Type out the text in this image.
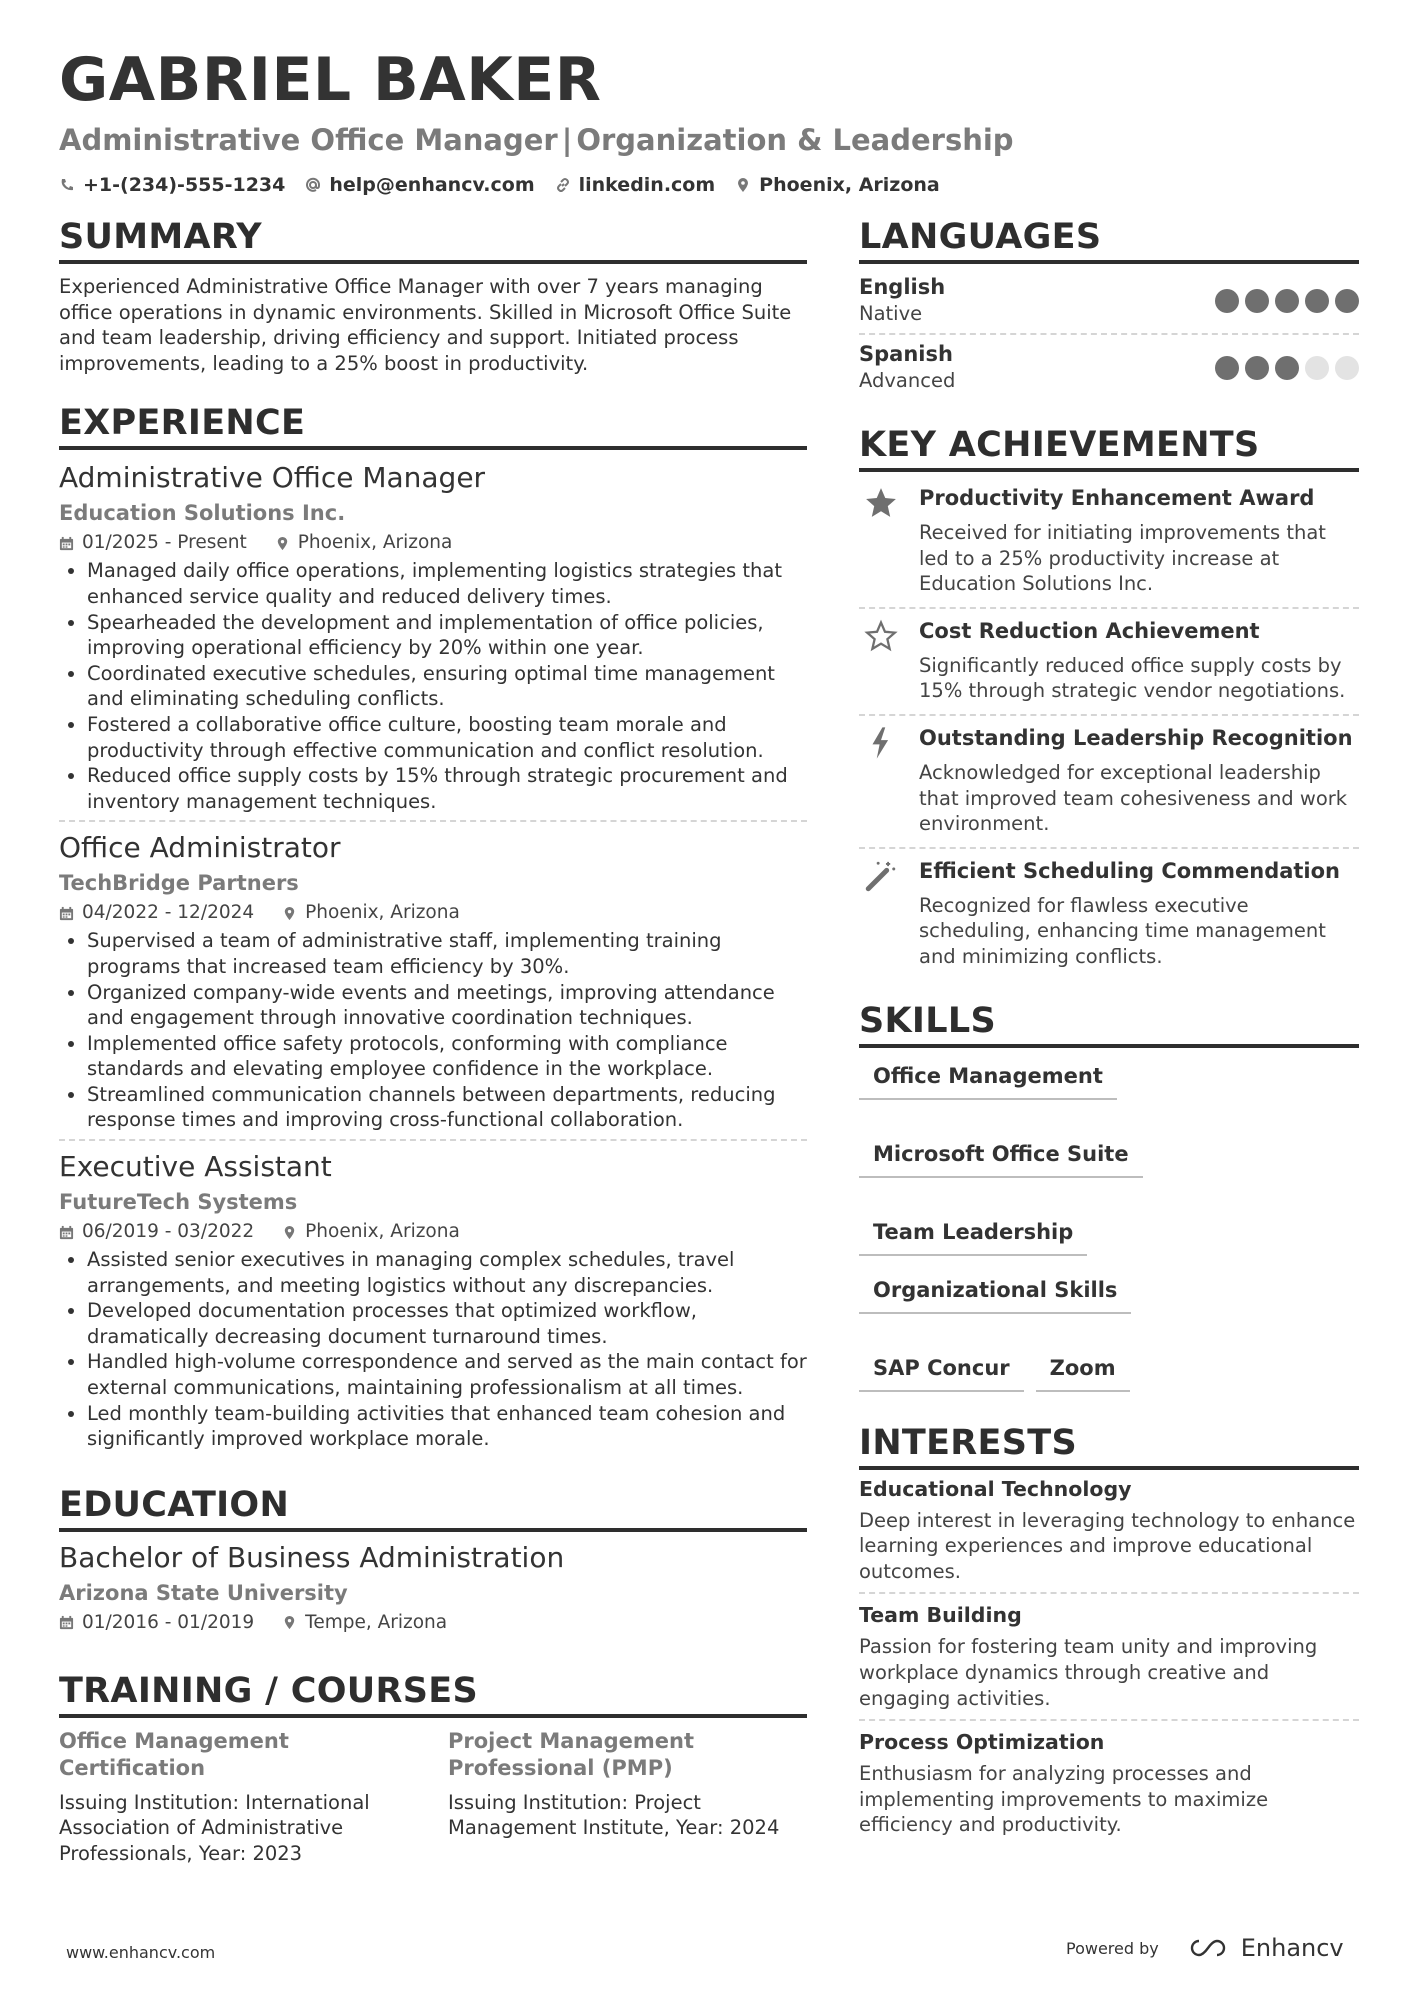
GABRIEL BAKER
Administrative Office Manager | Organization & Leadership
+1-(234)-555-1234 help@enhancv.com linkedin.com Phoenix, Arizona
SUMMARY
Experienced Administrative Office Manager with over 7 years managing office operations in dynamic environments. Skilled in Microsoft Office Suite and team leadership, driving efficiency and support. Initiated process improvements, leading to a 25% boost in productivity.
EXPERIENCE
Administrative Office Manager
Education Solutions Inc.
01/2025 - Present	Phoenix, Arizona
• Managed daily office operations, implementing logistics strategies that enhanced service quality and reduced delivery times.
• Spearheaded the development and implementation of office policies, improving operational efficiency by 20% within one year.
• Coordinated executive schedules, ensuring optimal time management and eliminating scheduling conflicts.
• Fostered a collaborative office culture, boosting team morale and productivity through effective communication and conflict resolution.
• Reduced office supply costs by 15% through strategic procurement and inventory management techniques.
Office Administrator
TechBridge Partners
04/2022 - 12/2024	Phoenix, Arizona
• Supervised a team of administrative staff, implementing training programs that increased team efficiency by 30%.
• Organized company-wide events and meetings, improving attendance and engagement through innovative coordination techniques.
• Implemented office safety protocols, conforming with compliance standards and elevating employee confidence in the workplace.
• Streamlined communication channels between departments, reducing response times and improving cross-functional collaboration.
Executive Assistant
FutureTech Systems
06/2019 - 03/2022	Phoenix, Arizona
• Assisted senior executives in managing complex schedules, travel arrangements, and meeting logistics without any discrepancies.
• Developed documentation processes that optimized workflow, dramatically decreasing document turnaround times.
• Handled high-volume correspondence and served as the main contact for external communications, maintaining professionalism at all times.
• Led monthly team-building activities that enhanced team cohesion and significantly improved workplace morale.
EDUCATION
Bachelor of Business Administration
Arizona State University
01/2016 - 01/2019	Tempe, Arizona
TRAINING / COURSES
Office Management Certification
Issuing Institution: International Association of Administrative Professionals, Year: 2023
Project Management Professional (PMP)
Issuing Institution: Project Management Institute, Year: 2024
LANGUAGES
English
Native
Spanish
Advanced
KEY ACHIEVEMENTS
Productivity Enhancement Award
Received for initiating improvements that led to a 25% productivity increase at Education Solutions Inc.
Cost Reduction Achievement
Significantly reduced office supply costs by 15% through strategic vendor negotiations.
Outstanding Leadership Recognition
Acknowledged for exceptional leadership that improved team cohesiveness and work environment.
Efficient Scheduling Commendation
Recognized for flawless executive scheduling, enhancing time management and minimizing conflicts.
SKILLS
Office Management
Microsoft Office Suite
Team Leadership
Organizational Skills
SAP Concur	Zoom
INTERESTS
Educational Technology
Deep interest in leveraging technology to enhance learning experiences and improve educational outcomes.
Team Building
Passion for fostering team unity and improving workplace dynamics through creative and engaging activities.
Process Optimization
Enthusiasm for analyzing processes and implementing improvements to maximize efficiency and productivity.
www.enhancv.com	Powered by	Enhancv
